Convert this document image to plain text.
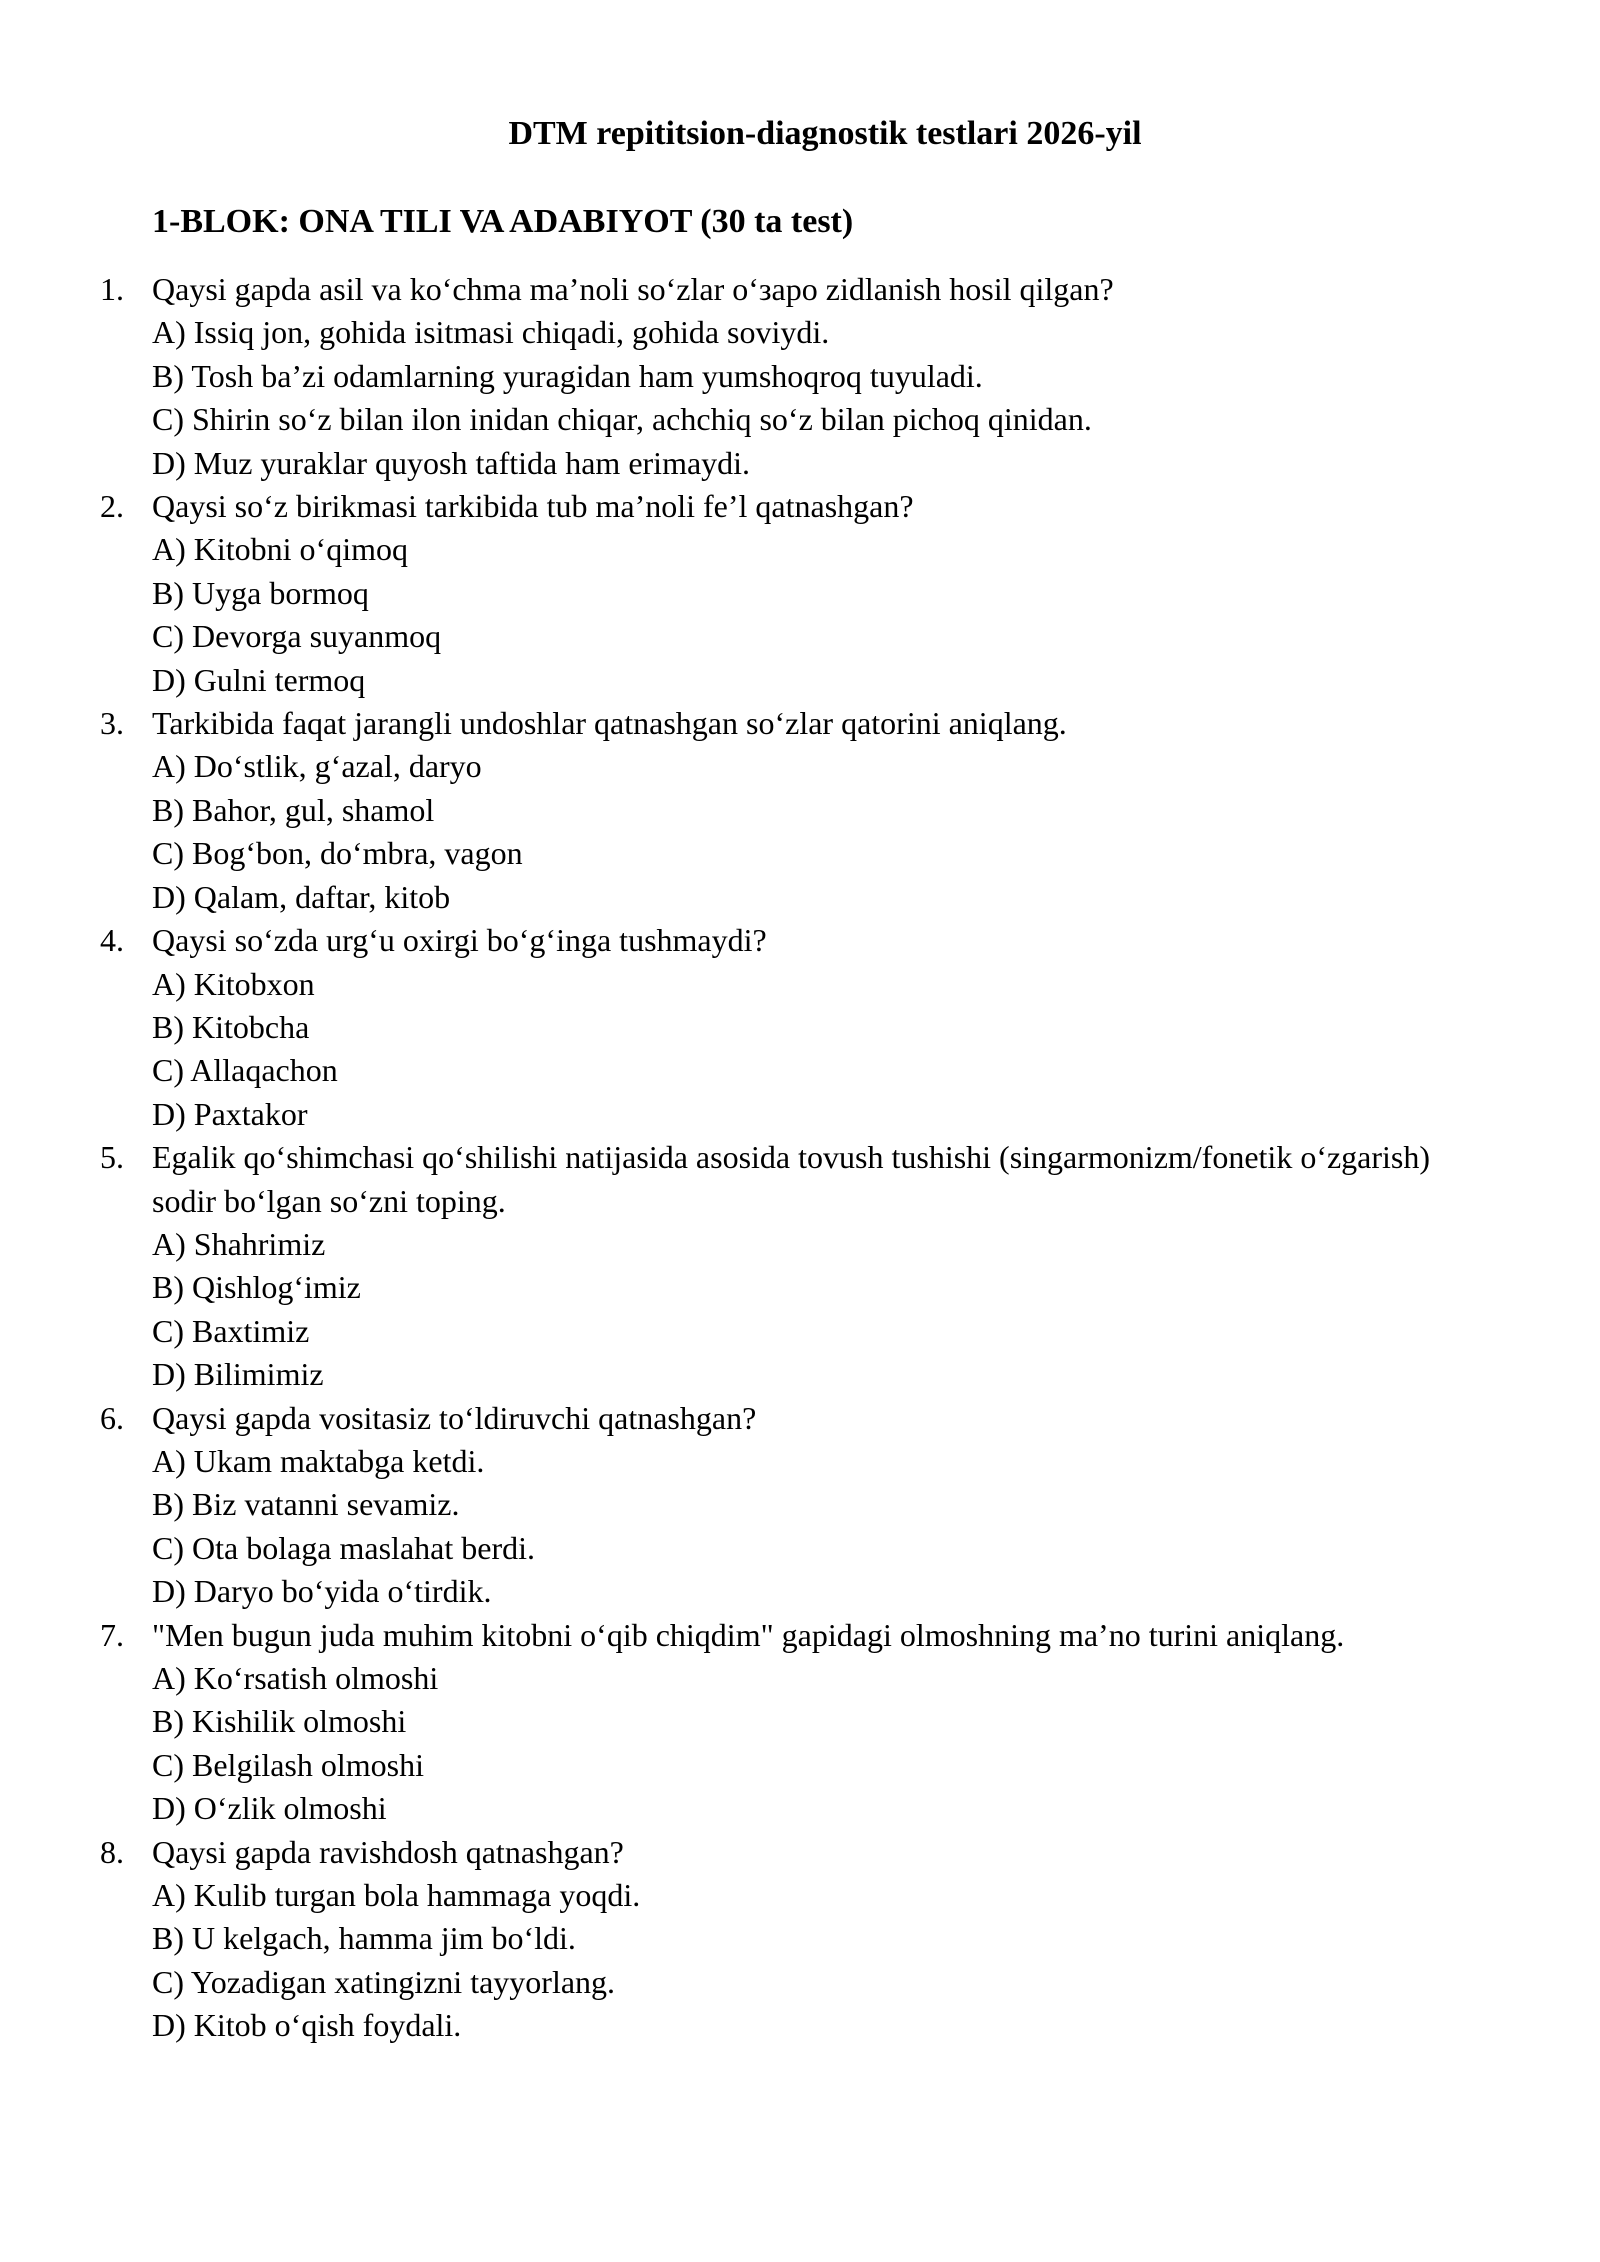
DTM repititsion-diagnostik testlari 2026-yil
1-BLOK: ONA TILI VA ADABIYOT (30 ta test)
1. Qaysi gapda asil va ko‘chma ma’noli so‘zlar o‘зaро zidlanish hosil qilgan?
A) Issiq jon, gohida isitmasi chiqadi, gohida soviydi.
B) Tosh ba’zi odamlarning yuragidan ham yumshoqroq tuyuladi.
C) Shirin so‘z bilan ilon inidan chiqar, achchiq so‘z bilan pichoq qinidan.
D) Muz yuraklar quyosh taftida ham erimaydi.
2. Qaysi so‘z birikmasi tarkibida tub ma’noli fe’l qatnashgan?
A) Kitobni o‘qimoq
B) Uyga bormoq
C) Devorga suyanmoq
D) Gulni termoq
3. Tarkibida faqat jarangli undoshlar qatnashgan so‘zlar qatorini aniqlang.
A) Do‘stlik, g‘azal, daryo
B) Bahor, gul, shamol
C) Bog‘bon, do‘mbra, vagon
D) Qalam, daftar, kitob
4. Qaysi so‘zda urg‘u oxirgi bo‘g‘inga tushmaydi?
A) Kitobxon
B) Kitobcha
C) Allaqachon
D) Paxtakor
5. Egalik qo‘shimchasi qo‘shilishi natijasida asosida tovush tushishi (singarmonizm/fonetik o‘zgarish) sodir bo‘lgan so‘zni toping.
A) Shahrimiz
B) Qishlog‘imiz
C) Baxtimiz
D) Bilimimiz
6. Qaysi gapda vositasiz to‘ldiruvchi qatnashgan?
A) Ukam maktabga ketdi.
B) Biz vatanni sevamiz.
C) Ota bolaga maslahat berdi.
D) Daryo bo‘yida o‘tirdik.
7. "Men bugun juda muhim kitobni o‘qib chiqdim" gapidagi olmoshning ma’no turini aniqlang.
A) Ko‘rsatish olmoshi
B) Kishilik olmoshi
C) Belgilash olmoshi
D) O‘zlik olmoshi
8. Qaysi gapda ravishdosh qatnashgan?
A) Kulib turgan bola hammaga yoqdi.
B) U kelgach, hamma jim bo‘ldi.
C) Yozadigan xatingizni tayyorlang.
D) Kitob o‘qish foydali.
